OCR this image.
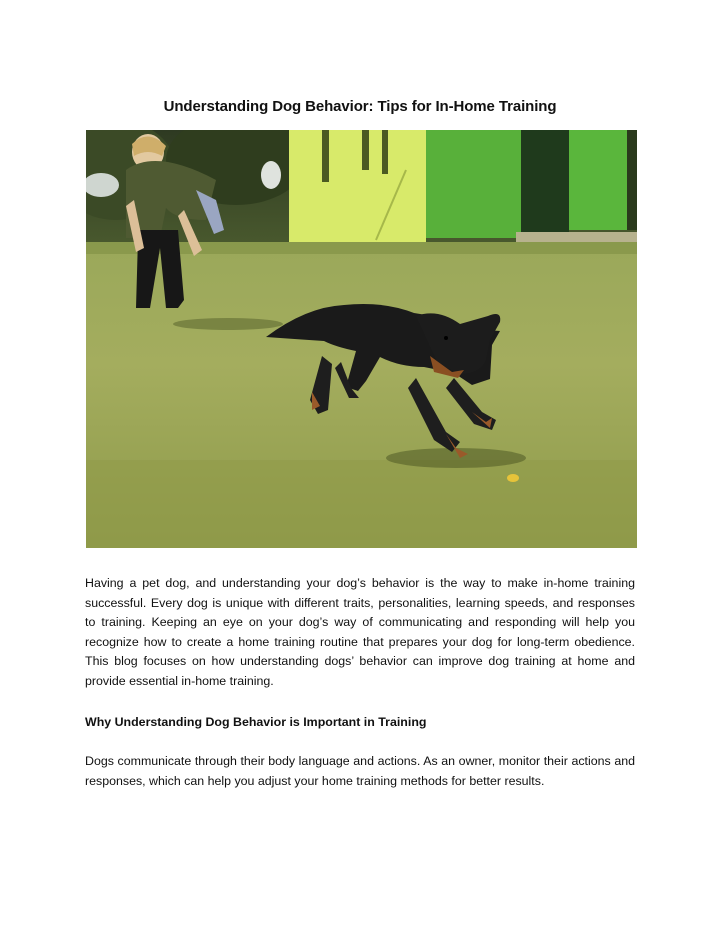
Understanding Dog Behavior: Tips for In-Home Training

Having a pet dog, and understanding your dog’s behavior is the way to make in-home training successful. Every dog is unique with different traits, personalities, learning speeds, and responses to training. Keeping an eye on your dog’s way of communicating and responding will help you recognize how to create a home training routine that prepares your dog for long-term obedience. This blog focuses on how understanding dogs’ behavior can improve dog training at home and provide essential in-home training.

Why Understanding Dog Behavior is Important in Training

Dogs communicate through their body language and actions. As an owner, monitor their actions and responses, which can help you adjust your home training methods for better results.
